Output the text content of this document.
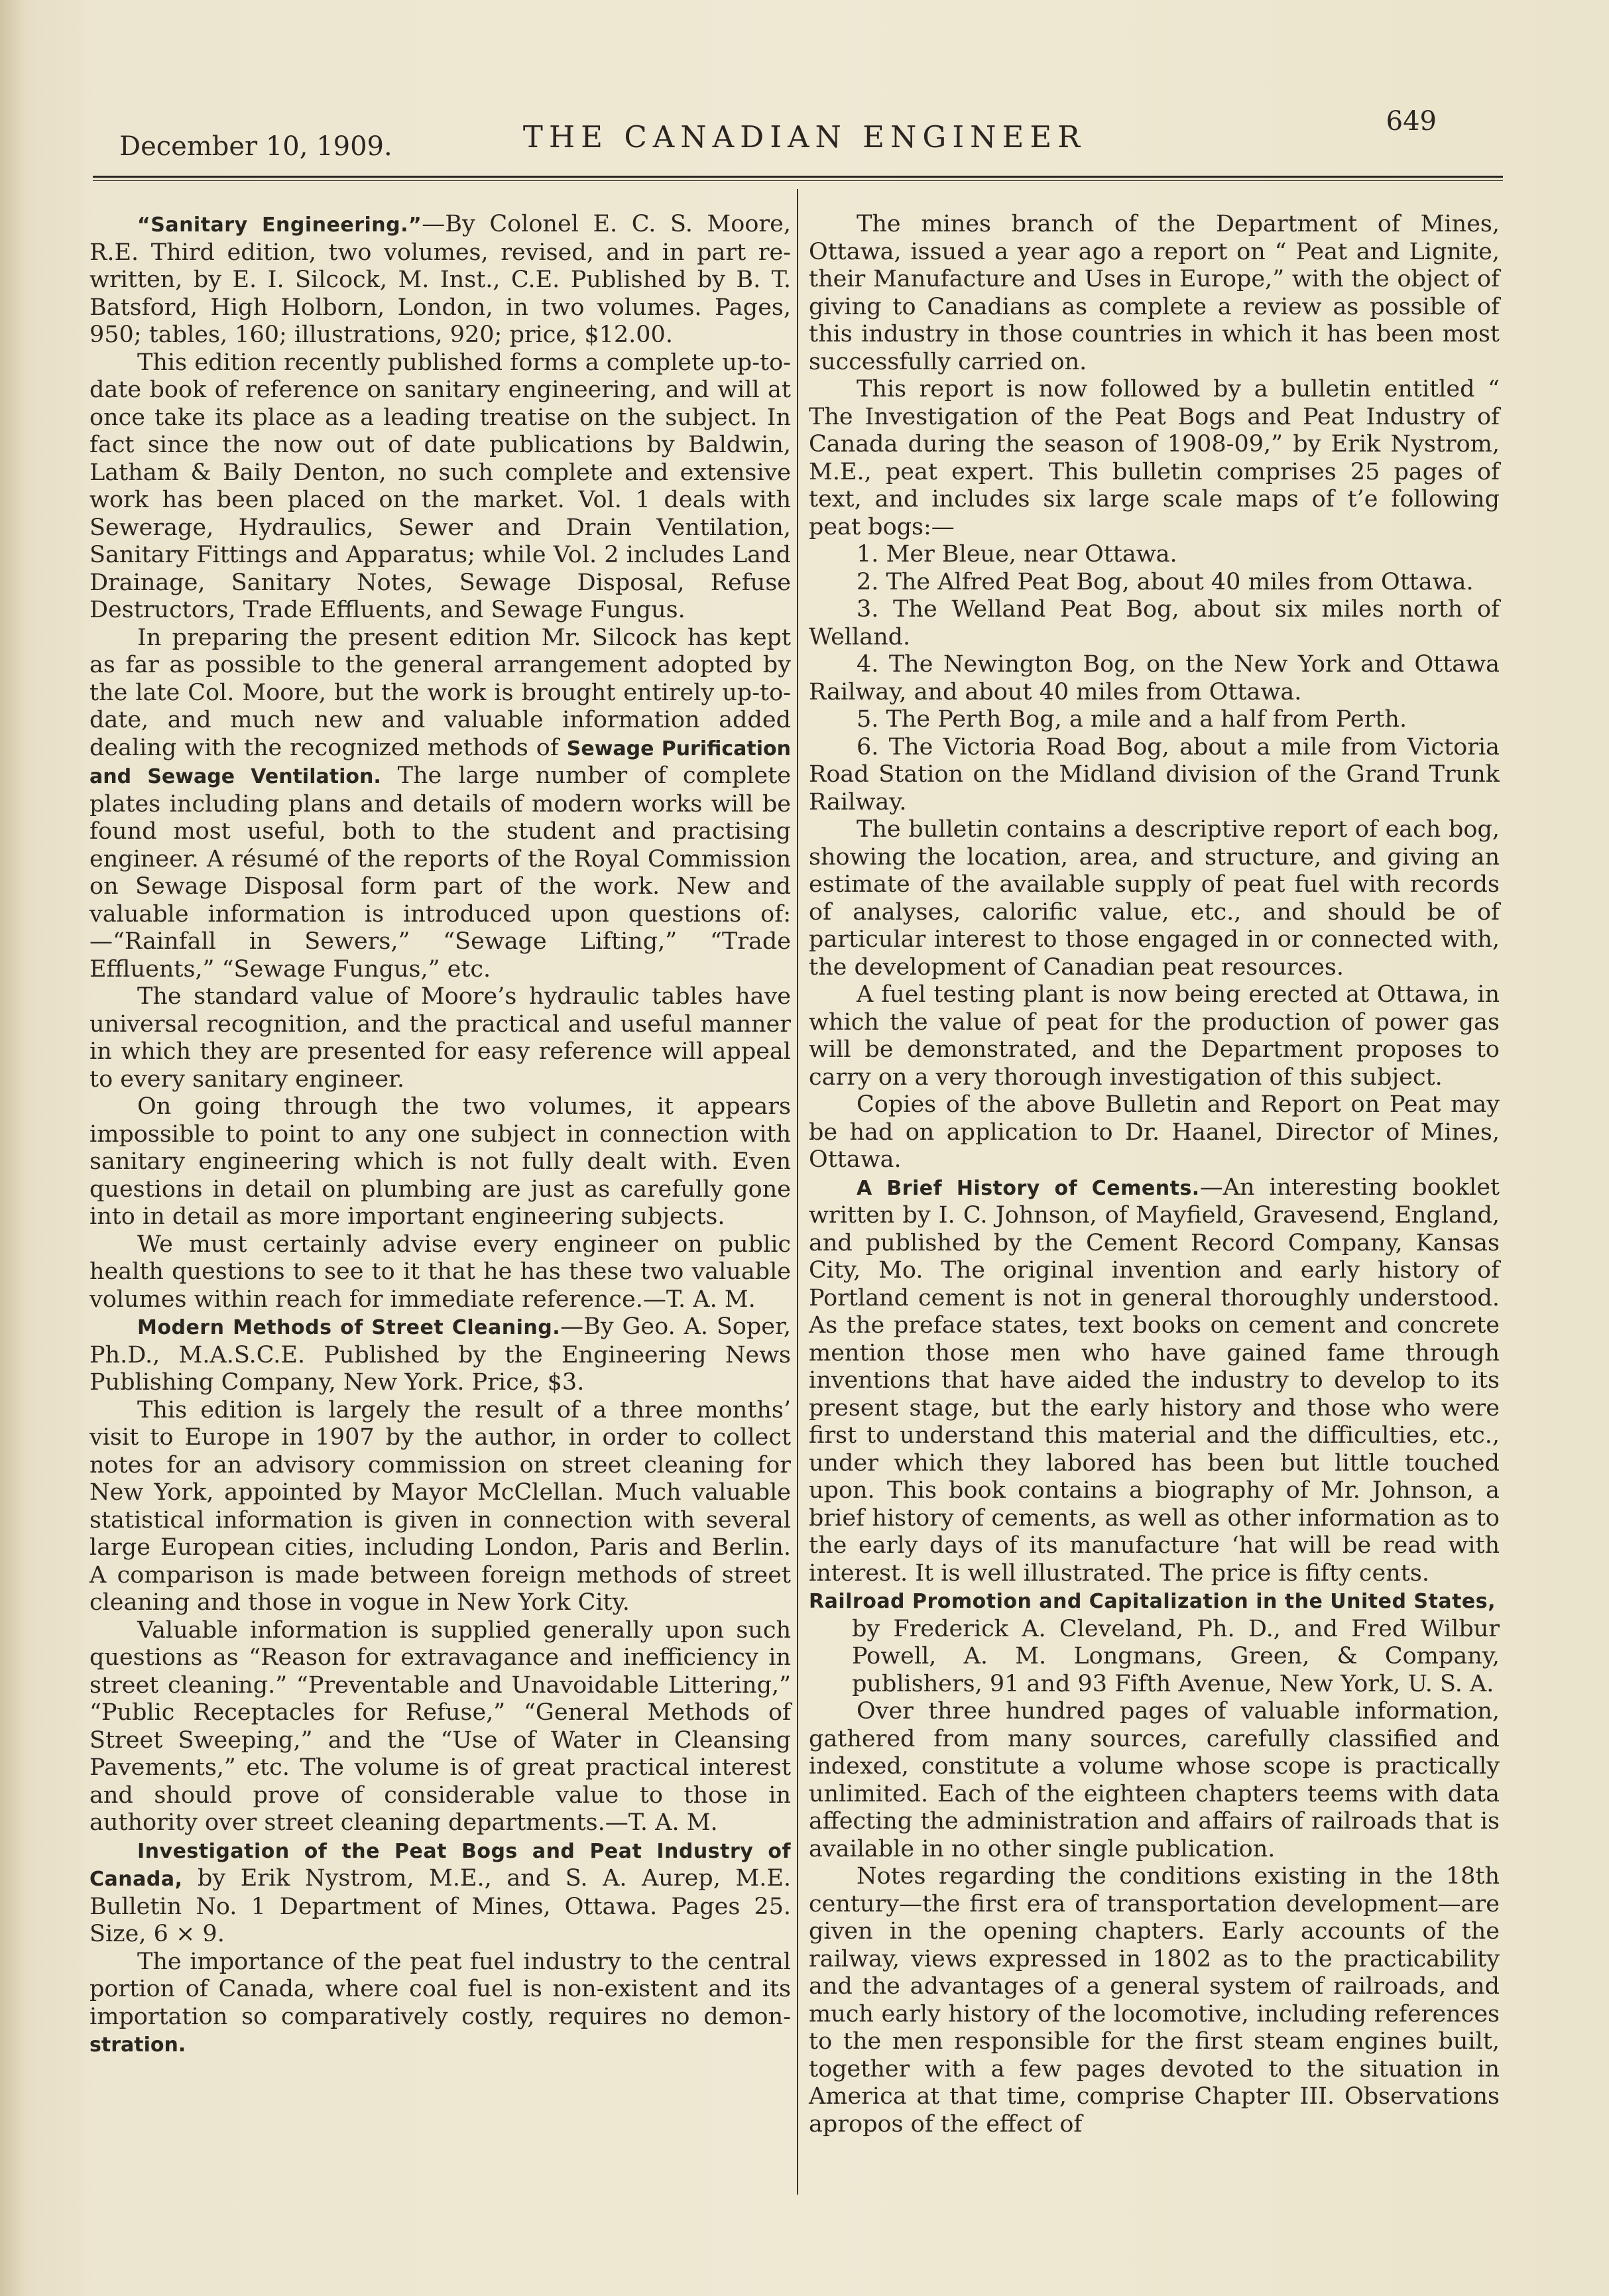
December 10, 1909.	THE CANADIAN ENGINEER	649

“Sanitary Engineering.”—By Colonel E. C. S. Moore, R.E. Third edition, two volumes, revised, and in part re-written, by E. I. Silcock, M. Inst., C.E. Published by B. T. Batsford, High Holborn, London, in two volumes. Pages, 950; tables, 160; illustrations, 920; price, $12.00.

This edition recently published forms a complete up-to-date book of reference on sanitary engineering, and will at once take its place as a leading treatise on the subject. In fact since the now out of date publications by Baldwin, Latham & Baily Denton, no such complete and extensive work has been placed on the market. Vol. 1 deals with Sewerage, Hydraulics, Sewer and Drain Ventilation, Sanitary Fittings and Apparatus; while Vol. 2 includes Land Drainage, Sanitary Notes, Sewage Disposal, Refuse Destructors, Trade Effluents, and Sewage Fungus.

In preparing the present edition Mr. Silcock has kept as far as possible to the general arrangement adopted by the late Col. Moore, but the work is brought entirely up-to-date, and much new and valuable information added dealing with the recognized methods of Sewage Purification and Sewage Ventilation. The large number of complete plates including plans and details of modern works will be found most useful, both to the student and practising engineer. A résumé of the reports of the Royal Commission on Sewage Disposal form part of the work. New and valuable information is introduced upon questions of:—“Rainfall in Sewers,” “Sewage Lifting,” “Trade Effluents,” “Sewage Fungus,” etc.

The standard value of Moore’s hydraulic tables have universal recognition, and the practical and useful manner in which they are presented for easy reference will appeal to every sanitary engineer.

On going through the two volumes, it appears impossible to point to any one subject in connection with sanitary engineering which is not fully dealt with. Even questions in detail on plumbing are just as carefully gone into in detail as more important engineering subjects.

We must certainly advise every engineer on public health questions to see to it that he has these two valuable volumes within reach for immediate reference.—T. A. M.

Modern Methods of Street Cleaning.—By Geo. A. Soper, Ph.D., M.A.S.C.E. Published by the Engineering News Publishing Company, New York. Price, $3.

This edition is largely the result of a three months’ visit to Europe in 1907 by the author, in order to collect notes for an advisory commission on street cleaning for New York, appointed by Mayor McClellan. Much valuable statistical information is given in connection with several large European cities, including London, Paris and Berlin. A comparison is made between foreign methods of street cleaning and those in vogue in New York City.

Valuable information is supplied generally upon such questions as “Reason for extravagance and inefficiency in street cleaning.” “Preventable and Unavoidable Littering,” “Public Receptacles for Refuse,” “General Methods of Street Sweeping,” and the “Use of Water in Cleansing Pavements,” etc. The volume is of great practical interest and should prove of considerable value to those in authority over street cleaning departments.—T. A. M.

Investigation of the Peat Bogs and Peat Industry of Canada, by Erik Nystrom, M.E., and S. A. Aurep, M.E. Bulletin No. 1 Department of Mines, Ottawa. Pages 25. Size, 6 × 9.

The importance of the peat fuel industry to the central portion of Canada, where coal fuel is non-existent and its importation so comparatively costly, requires no demon-stration.

The mines branch of the Department of Mines, Ottawa, issued a year ago a report on “ Peat and Lignite, their Manufacture and Uses in Europe,” with the object of giving to Canadians as complete a review as possible of this industry in those countries in which it has been most successfully carried on.

This report is now followed by a bulletin entitled “ The Investigation of the Peat Bogs and Peat Industry of Canada during the season of 1908-09,” by Erik Nystrom, M.E., peat expert. This bulletin comprises 25 pages of text, and includes six large scale maps of t’e following peat bogs:—

1. Mer Bleue, near Ottawa.

2. The Alfred Peat Bog, about 40 miles from Ottawa.

3. The Welland Peat Bog, about six miles north of Welland.

4. The Newington Bog, on the New York and Ottawa Railway, and about 40 miles from Ottawa.

5. The Perth Bog, a mile and a half from Perth.

6. The Victoria Road Bog, about a mile from Victoria Road Station on the Midland division of the Grand Trunk Railway.

The bulletin contains a descriptive report of each bog, showing the location, area, and structure, and giving an estimate of the available supply of peat fuel with records of analyses, calorific value, etc., and should be of particular interest to those engaged in or connected with, the development of Canadian peat resources.

A fuel testing plant is now being erected at Ottawa, in which the value of peat for the production of power gas will be demonstrated, and the Department proposes to carry on a very thorough investigation of this subject.

Copies of the above Bulletin and Report on Peat may be had on application to Dr. Haanel, Director of Mines, Ottawa.

A Brief History of Cements.—An interesting booklet written by I. C. Johnson, of Mayfield, Gravesend, England, and published by the Cement Record Company, Kansas City, Mo. The original invention and early history of Portland cement is not in general thoroughly understood. As the preface states, text books on cement and concrete mention those men who have gained fame through inventions that have aided the industry to develop to its present stage, but the early history and those who were first to understand this material and the difficulties, etc., under which they labored has been but little touched upon. This book contains a biography of Mr. Johnson, a brief history of cements, as well as other information as to the early days of its manufacture ‘hat will be read with interest. It is well illustrated. The price is fifty cents.

Railroad Promotion and Capitalization in the United States,

by Frederick A. Cleveland, Ph. D., and Fred Wilbur Powell, A. M. Longmans, Green, & Company, publishers, 91 and 93 Fifth Avenue, New York, U. S. A.

Over three hundred pages of valuable information, gathered from many sources, carefully classified and indexed, constitute a volume whose scope is practically unlimited. Each of the eighteen chapters teems with data affecting the administration and affairs of railroads that is available in no other single publication.

Notes regarding the conditions existing in the 18th century—the first era of transportation development—are given in the opening chapters. Early accounts of the railway, views expressed in 1802 as to the practicability and the advantages of a general system of railroads, and much early history of the locomotive, including references to the men responsible for the first steam engines built, together with a few pages devoted to the situation in America at that time, comprise Chapter III. Observations apropos of the effect of
